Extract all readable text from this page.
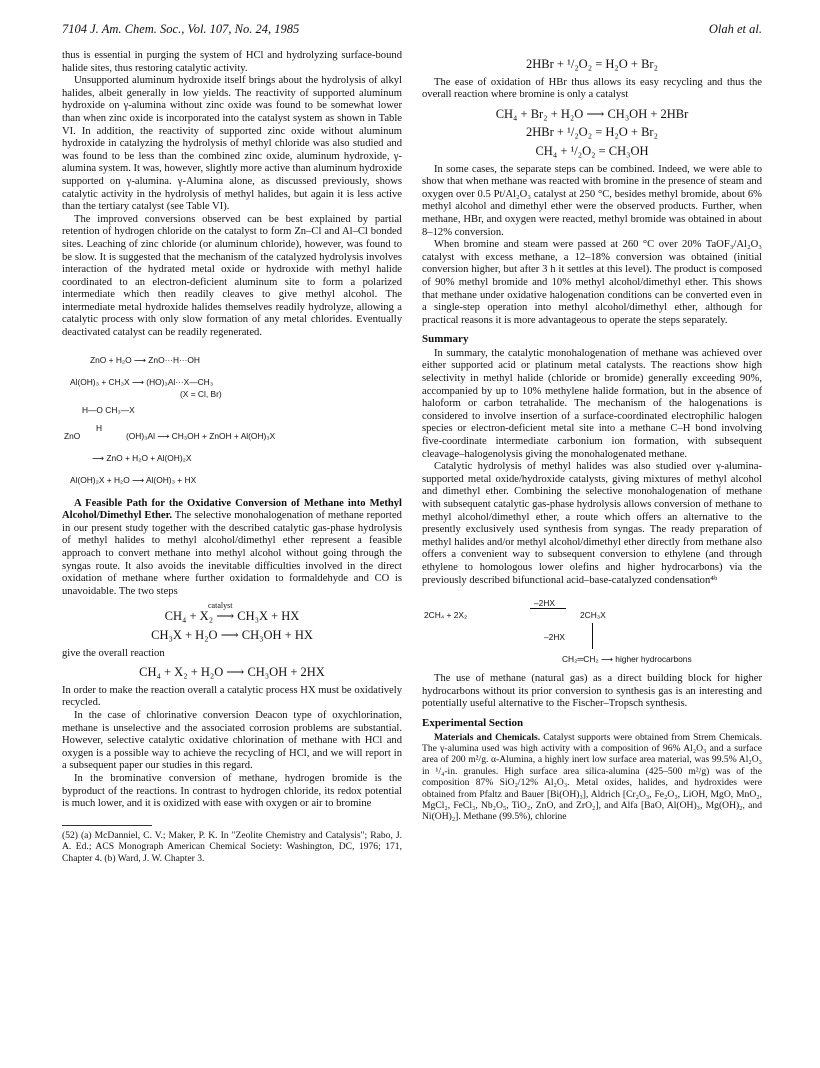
7104 J. Am. Chem. Soc., Vol. 107, No. 24, 1985	Olah et al.

thus is essential in purging the system of HCl and hydrolyzing surface-bound halide sites, thus restoring catalytic activity.

Unsupported aluminum hydroxide itself brings about the hydrolysis of alkyl halides, albeit generally in low yields. The reactivity of supported aluminum hydroxide on γ-alumina without zinc oxide was found to be somewhat lower than when zinc oxide is incorporated into the catalyst system as shown in Table VI. In addition, the reactivity of supported zinc oxide without aluminum hydroxide in catalyzing the hydrolysis of methyl chloride was also studied and was found to be less than the combined zinc oxide, aluminum hydroxide, γ-alumina system. It was, however, slightly more active than aluminum hydroxide supported on γ-alumina. γ-Alumina alone, as discussed previously, shows catalytic activity in the hydrolysis of methyl halides, but again it is less active than the tertiary catalyst (see Table VI).

The improved conversions observed can be best explained by partial retention of hydrogen chloride on the catalyst to form Zn–Cl and Al–Cl bonded sites. Leaching of zinc chloride (or aluminum chloride), however, was found to be slow. It is suggested that the mechanism of the catalyzed hydrolysis involves interaction of the hydrated metal oxide or hydroxide with methyl halide coordinated to an electron-deficient aluminum site to form a polarized intermediate which then readily cleaves to give methyl alcohol. The intermediate metal hydroxide halides themselves readily hydrolyze, allowing a catalytic process with only slow formation of any metal chlorides. Eventually deactivated catalyst can be readily regenerated.

ZnO + H₂O ⟶ ZnO···H···OH
Al(OH)₃ + CH₃X ⟶ (HO)₃Al···X—CH₃
(X = Cl, Br)
H—O CH₃—X
ZnO
H
(OH)₃Al ⟶ CH₃OH + ZnOH + Al(OH)₃X
⟶ ZnO + H₂O + Al(OH)₂X
Al(OH)₂X + H₂O ⟶ Al(OH)₃ + HX

A Feasible Path for the Oxidative Conversion of Methane into Methyl Alcohol/Dimethyl Ether. The selective monohalogenation of methane reported in our present study together with the described catalytic gas-phase hydrolysis of methyl halides to methyl alcohol/dimethyl ether represent a feasible approach to convert methane into methyl alcohol without going through the syngas route. It also avoids the inevitable difficulties involved in the direct oxidation of methane where further oxidation to formaldehyde and CO is unavoidable. The two steps

catalyst
CH₄ + X₂ ⟶ CH₃X + HX
CH₃X + H₂O ⟶ CH₃OH + HX

give the overall reaction

CH₄ + X₂ + H₂O ⟶ CH₃OH + 2HX

In order to make the reaction overall a catalytic process HX must be oxidatively recycled.

In the case of chlorinative conversion Deacon type of oxychlorination, methane is unselective and the associated corrosion problems are substantial. However, selective catalytic oxidative chlorination of methane with HCl and oxygen is a possible way to achieve the recycling of HCl, and we will report in a subsequent paper our studies in this regard.

In the brominative conversion of methane, hydrogen bromide is the byproduct of the reactions. In contrast to hydrogen chloride, its redox potential is much lower, and it is oxidized with ease with oxygen or air to bromine

(52) (a) McDanniel, C. V.; Maker, P. K. In "Zeolite Chemistry and Catalysis"; Rabo, J. A. Ed.; ACS Monograph American Chemical Society: Washington, DC, 1976; 171, Chapter 4. (b) Ward, J. W. Chapter 3.

2HBr + ¹/₂O₂ = H₂O + Br₂

The ease of oxidation of HBr thus allows its easy recycling and thus the overall reaction where bromine is only a catalyst

CH₄ + Br₂ + H₂O ⟶ CH₃OH + 2HBr
2HBr + ¹/₂O₂ = H₂O + Br₂
CH₄ + ¹/₂O₂ = CH₃OH

In some cases, the separate steps can be combined. Indeed, we were able to show that when methane was reacted with bromine in the presence of steam and oxygen over 0.5 Pt/Al₂O₃ catalyst at 250 °C, besides methyl bromide, about 6% methyl alcohol and dimethyl ether were the observed products. Further, when methane, HBr, and oxygen were reacted, methyl bromide was obtained in about 8–12% conversion.

When bromine and steam were passed at 260 °C over 20% TaOF₃/Al₂O₃ catalyst with excess methane, a 12–18% conversion was obtained (initial conversion higher, but after 3 h it settles at this level). The product is composed of 90% methyl bromide and 10% methyl alcohol/dimethyl ether. This shows that methane under oxidative halogenation conditions can be converted even in a single-step operation into methyl alcohol/dimethyl ether, although for practical reasons it is more advantageous to operate the steps separately.

Summary

In summary, the catalytic monohalogenation of methane was achieved over either supported acid or platinum metal catalysts. The reactions show high selectivity in methyl halide (chloride or bromide) generally exceeding 90%, accompanied by up to 10% methylene halide formation, but in the absence of haloform or carbon tetrahalide. The mechanism of the halogenations is considered to involve insertion of a surface-coordinated electrophilic halogen species or electron-deficient metal site into a methane C–H bond involving five-coordinate intermediate carbonium ion formation, with subsequent cleavage–halogenolysis giving the monohalogenated methane.

Catalytic hydrolysis of methyl halides was also studied over γ-alumina-supported metal oxide/hydroxide catalysts, giving mixtures of methyl alcohol and dimethyl ether. Combining the selective monohalogenation of methane with subsequent catalytic gas-phase hydrolysis allows conversion of methane to methyl alcohol/dimethyl ether, a route which offers an alternative to the presently exclusively used synthesis from syngas. The ready preparation of methyl halides and/or methyl alcohol/dimethyl ether directly from methane also offers a convenient way to subsequent conversion to ethylene (and through ethylene to homologous lower olefins and higher hydrocarbons) via the previously described bifunctional acid–base-catalyzed condensation⁴ᵇ

2CH₄ + 2X₂
–2HX
2CH₃X
–2HX
CH₂═CH₂ ⟶ higher hydrocarbons

The use of methane (natural gas) as a direct building block for higher hydrocarbons without its prior conversion to synthesis gas is an interesting and potentially useful alternative to the Fischer–Tropsch synthesis.

Experimental Section

Materials and Chemicals. Catalyst supports were obtained from Strem Chemicals. The γ-alumina used was high activity with a composition of 96% Al₂O₃ and a surface area of 200 m²/g. α-Alumina, a highly inert low surface area material, was 99.5% Al₂O₃ in ¹/₄-in. granules. High surface area silica-alumina (425–500 m²/g) was of the composition 87% SiO₂/12% Al₂O₃. Metal oxides, halides, and hydroxides were obtained from Pfaltz and Bauer [Bi(OH)₃], Aldrich [Cr₂O₃, Fe₂O₃, LiOH, MgO, MnO₂, MgCl₂, FeCl₃, Nb₂O₅, TiO₂, ZnO, and ZrO₂], and Alfa [BaO, Al(OH)₃, Mg(OH)₂, and Ni(OH)₂]. Methane (99.5%), chlorine
